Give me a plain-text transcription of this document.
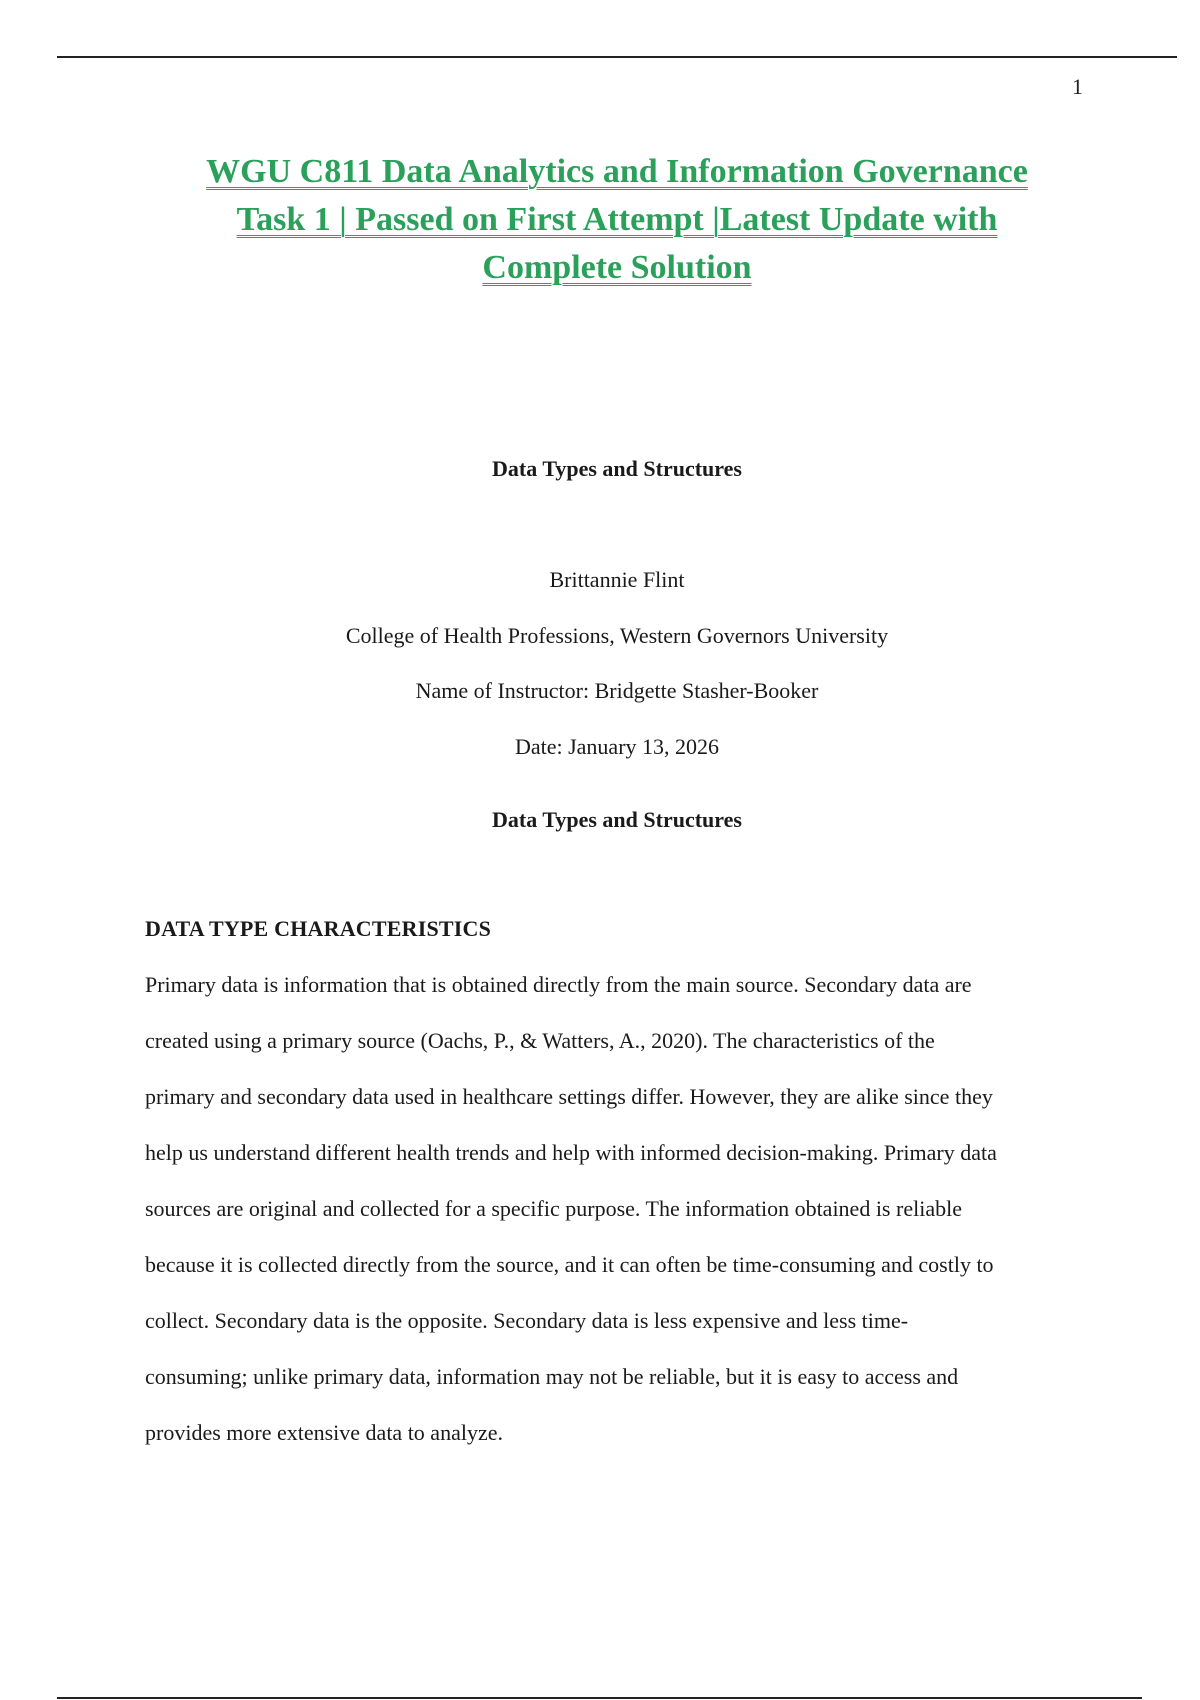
1
WGU C811 Data Analytics and Information Governance
Task 1 | Passed on First Attempt |Latest Update with
Complete Solution
Data Types and Structures
Brittannie Flint
College of Health Professions, Western Governors University
Name of Instructor: Bridgette Stasher-Booker
Date: January 13, 2026
Data Types and Structures
DATA TYPE CHARACTERISTICS
Primary data is information that is obtained directly from the main source. Secondary data are
created using a primary source (Oachs, P., & Watters, A., 2020). The characteristics of the
primary and secondary data used in healthcare settings differ. However, they are alike since they
help us understand different health trends and help with informed decision-making. Primary data
sources are original and collected for a specific purpose. The information obtained is reliable
because it is collected directly from the source, and it can often be time-consuming and costly to
collect. Secondary data is the opposite. Secondary data is less expensive and less time-
consuming; unlike primary data, information may not be reliable, but it is easy to access and
provides more extensive data to analyze.
